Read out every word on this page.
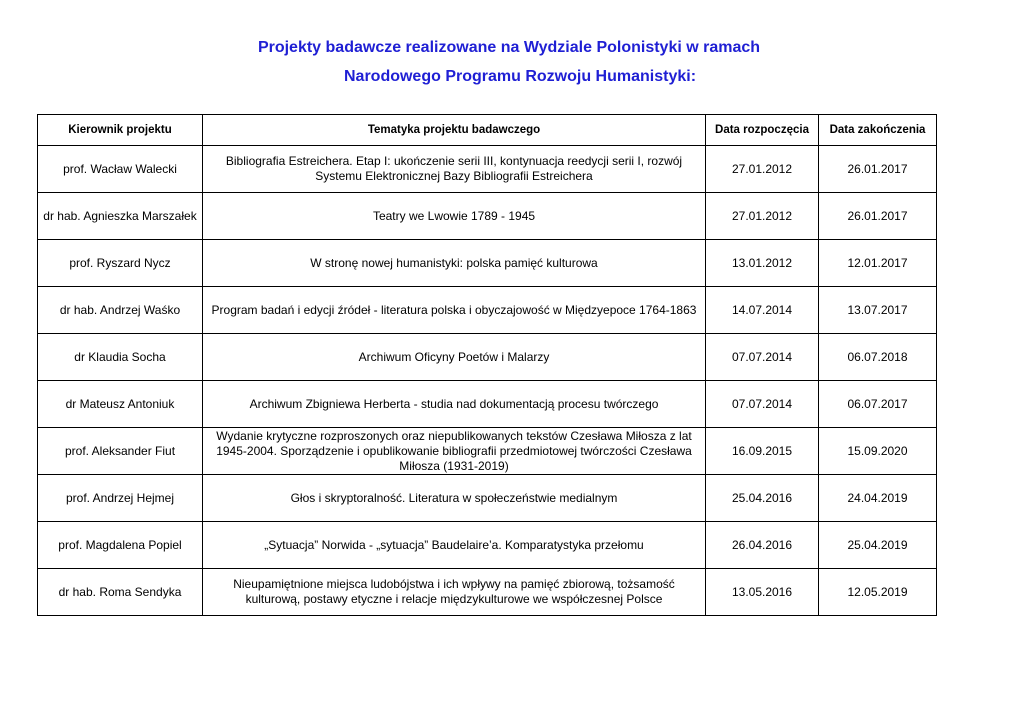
Projekty badawcze realizowane na Wydziale Polonistyki w ramach
Narodowego Programu Rozwoju Humanistyki:
Kierownik projektu	Tematyka projektu badawczego	Data rozpoczęcia	Data zakończenia
prof. Wacław Walecki	Bibliografia Estreichera. Etap I: ukończenie serii III, kontynuacja reedycji serii I, rozwój Systemu Elektronicznej Bazy Bibliografii Estreichera	27.01.2012	26.01.2017
dr hab. Agnieszka Marszałek	Teatry we Lwowie 1789 - 1945	27.01.2012	26.01.2017
prof. Ryszard Nycz	W stronę nowej humanistyki: polska pamięć kulturowa	13.01.2012	12.01.2017
dr hab. Andrzej Waśko	Program badań i edycji źródeł - literatura polska i obyczajowość w Międzyepoce 1764-1863	14.07.2014	13.07.2017
dr Klaudia Socha	Archiwum Oficyny Poetów i Malarzy	07.07.2014	06.07.2018
dr Mateusz Antoniuk	Archiwum Zbigniewa Herberta - studia nad dokumentacją procesu twórczego	07.07.2014	06.07.2017
prof. Aleksander Fiut	Wydanie krytyczne rozproszonych oraz niepublikowanych tekstów Czesława Miłosza z lat 1945-2004. Sporządzenie i opublikowanie bibliografii przedmiotowej twórczości Czesława Miłosza (1931-2019)	16.09.2015	15.09.2020
prof. Andrzej Hejmej	Głos i skryptoralność. Literatura w społeczeństwie medialnym	25.04.2016	24.04.2019
prof. Magdalena Popiel	„Sytuacja” Norwida - „sytuacja” Baudelaire’a. Komparatystyka przełomu	26.04.2016	25.04.2019
dr hab. Roma Sendyka	Nieupamiętnione miejsca ludobójstwa i ich wpływy na pamięć zbiorową, tożsamość kulturową, postawy etyczne i relacje międzykulturowe we współczesnej Polsce	13.05.2016	12.05.2019
